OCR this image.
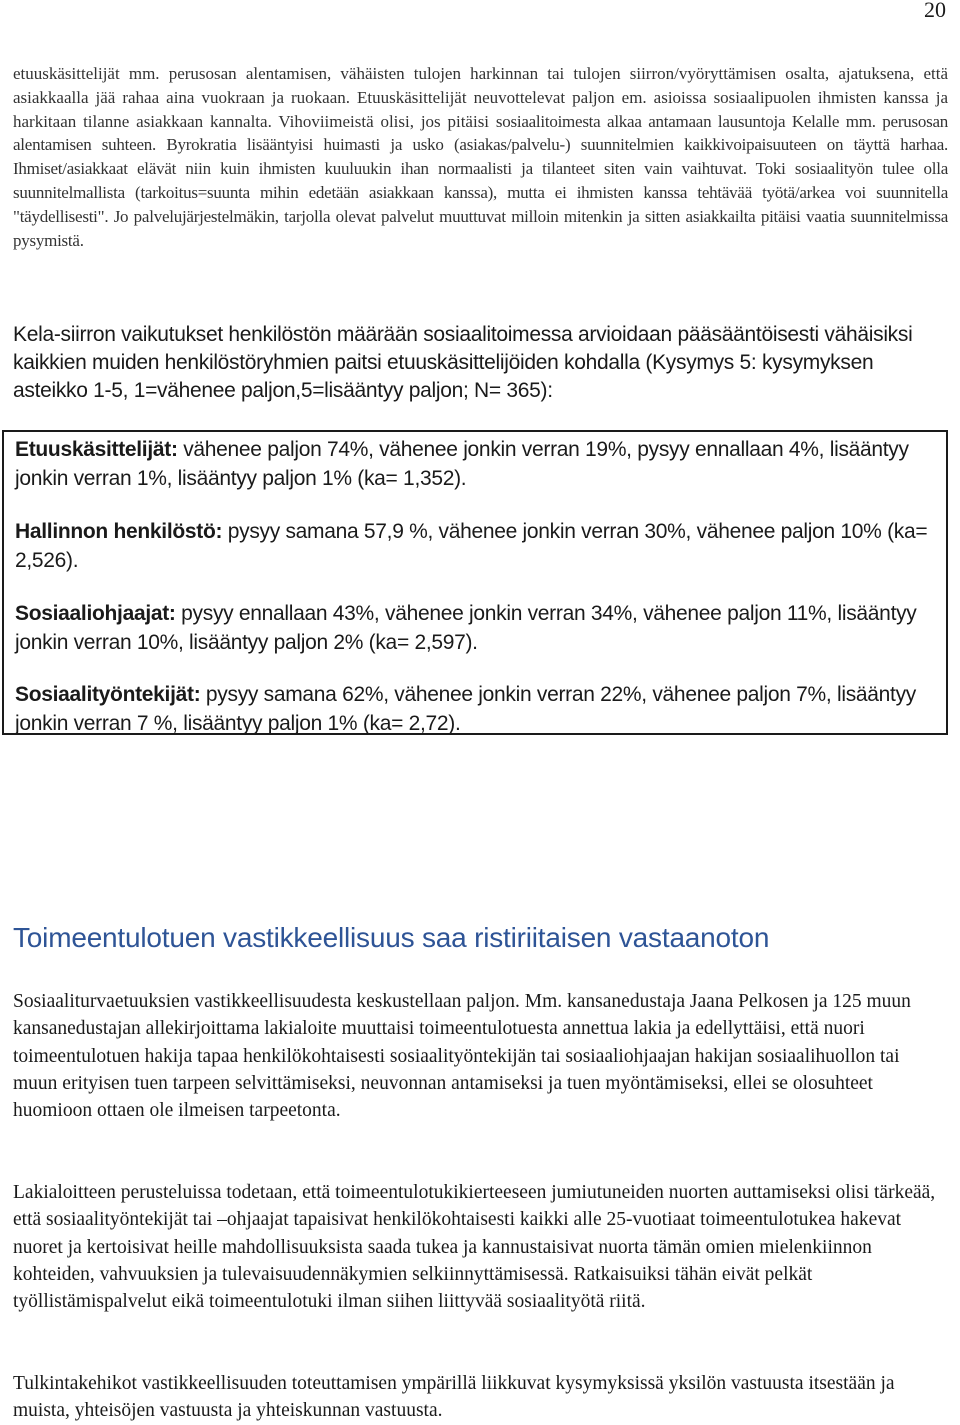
20
etuuskäsittelijät mm. perusosan alentamisen, vähäisten tulojen harkinnan tai tulojen siirron/vyöryttämisen osalta, ajatuksena, että asiakkaalla jää rahaa aina vuokraan ja ruokaan. Etuuskäsittelijät neuvottelevat paljon em. asioissa sosiaalipuolen ihmisten kanssa ja harkitaan tilanne asiakkaan kannalta. Vihoviimeistä olisi, jos pitäisi sosiaalitoimesta alkaa antamaan lausuntoja Kelalle mm. perusosan alentamisen suhteen. Byrokratia lisääntyisi huimasti ja usko (asiakas/palvelu-) suunnitelmien kaikkivoipaisuuteen on täyttä harhaa. Ihmiset/asiakkaat elävät niin kuin ihmisten kuuluukin ihan normaalisti ja tilanteet siten vain vaihtuvat. Toki sosiaalityön tulee olla suunnitelmallista (tarkoitus=suunta mihin edetään asiakkaan kanssa), mutta ei ihmisten kanssa tehtävää työtä/arkea voi suunnitella "täydellisesti". Jo palvelujärjestelmäkin, tarjolla olevat palvelut muuttuvat milloin mitenkin ja sitten asiakkailta pitäisi vaatia suunnitelmissa pysymistä.
Kela-siirron vaikutukset henkilöstön määrään sosiaalitoimessa arvioidaan pääsääntöisesti vähäisiksi kaikkien muiden henkilöstöryhmien paitsi etuuskäsittelijöiden kohdalla (Kysymys 5: kysymyksen asteikko 1-5, 1=vähenee paljon,5=lisääntyy paljon; N= 365):
Etuuskäsittelijät: vähenee paljon 74%, vähenee jonkin verran 19%, pysyy ennallaan 4%, lisääntyy jonkin verran 1%, lisääntyy paljon 1% (ka= 1,352).
Hallinnon henkilöstö: pysyy samana 57,9 %, vähenee jonkin verran 30%, vähenee paljon 10% (ka= 2,526).
Sosiaaliohjaajat: pysyy ennallaan 43%, vähenee jonkin verran 34%, vähenee paljon 11%, lisääntyy jonkin verran 10%, lisääntyy paljon 2% (ka= 2,597).
Sosiaalityöntekijät: pysyy samana 62%, vähenee jonkin verran 22%, vähenee paljon 7%, lisääntyy jonkin verran 7 %, lisääntyy paljon 1% (ka= 2,72).
Toimeentulotuen vastikkeellisuus saa ristiriitaisen vastaanoton
Sosiaaliturvaetuuksien vastikkeellisuudesta keskustellaan paljon. Mm. kansanedustaja Jaana Pelkosen ja 125 muun kansanedustajan allekirjoittama lakialoite muuttaisi toimeentulotuesta annettua lakia ja edellyttäisi, että nuori toimeentulotuen hakija tapaa henkilökohtaisesti sosiaalityöntekijän tai sosiaaliohjaajan hakijan sosiaalihuollon tai muun erityisen tuen tarpeen selvittämiseksi, neuvonnan antamiseksi ja tuen myöntämiseksi, ellei se olosuhteet huomioon ottaen ole ilmeisen tarpeetonta.
Lakialoitteen perusteluissa todetaan, että toimeentulotukikierteeseen jumiutuneiden nuorten auttamiseksi olisi tärkeää, että sosiaalityöntekijät tai –ohjaajat tapaisivat henkilökohtaisesti kaikki alle 25-vuotiaat toimeentulotukea hakevat nuoret ja kertoisivat heille mahdollisuuksista saada tukea ja kannustaisivat nuorta tämän omien mielenkiinnon kohteiden, vahvuuksien ja tulevaisuudennäkymien selkiinnyttämisessä. Ratkaisuiksi tähän eivät pelkät työllistämispalvelut eikä toimeentulotuki ilman siihen liittyvää sosiaalityötä riitä.
Tulkintakehikot vastikkeellisuuden toteuttamisen ympärillä liikkuvat kysymyksissä yksilön vastuusta itsestään ja muista, yhteisöjen vastuusta ja yhteiskunnan vastuusta.
